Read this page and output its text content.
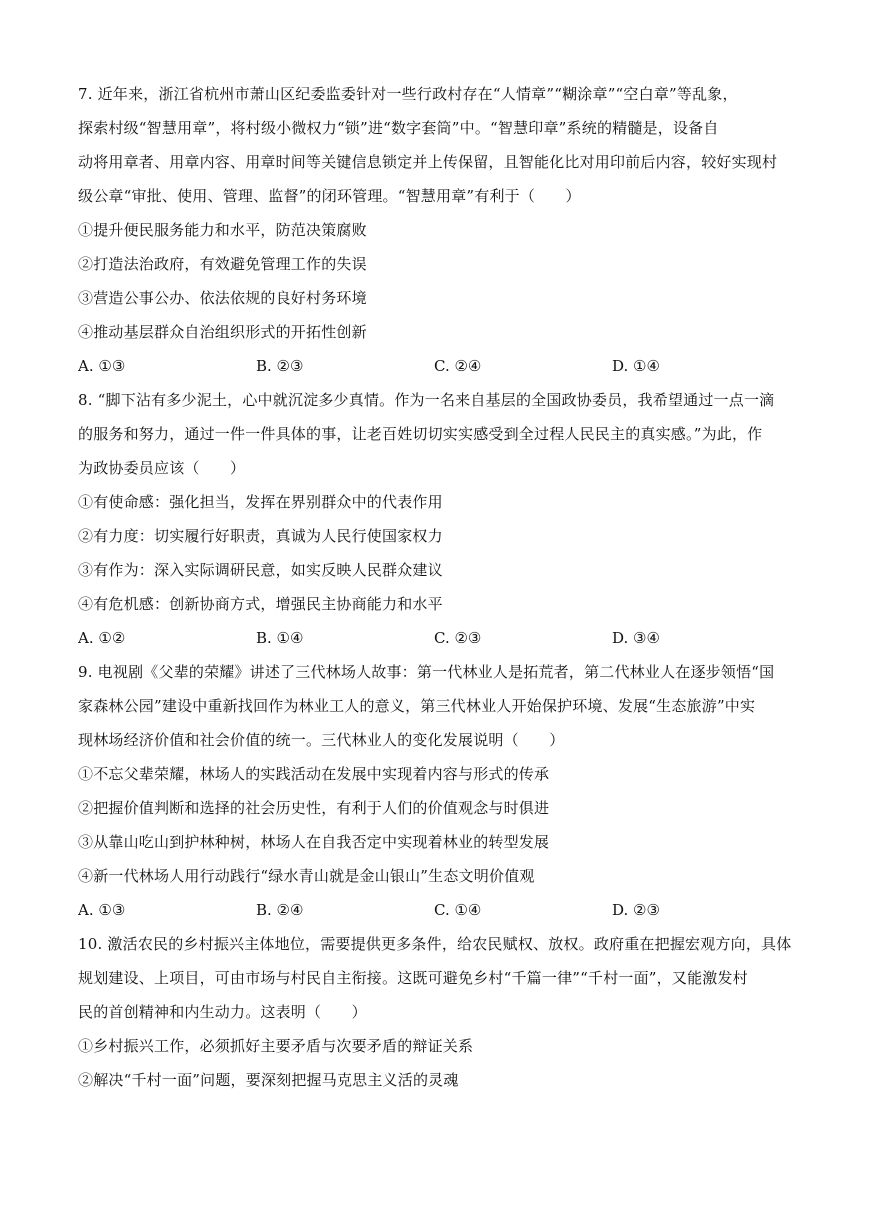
7. 近年来，浙江省杭州市萧山区纪委监委针对一些行政村存在“人情章”“糊涂章”“空白章”等乱象，
探索村级“智慧用章”，将村级小微权力“锁”进“数字套筒”中。“智慧印章”系统的精髓是，设备自
动将用章者、用章内容、用章时间等关键信息锁定并上传保留，且智能化比对用印前后内容，较好实现村
级公章“审批、使用、管理、监督”的闭环管理。“智慧用章”有利于（　　）
①提升便民服务能力和水平，防范决策腐败
②打造法治政府，有效避免管理工作的失误
③营造公事公办、依法依规的良好村务环境
④推动基层群众自治组织形式的开拓性创新
A. ①③	B. ②③	C. ②④	D. ①④
8. “脚下沾有多少泥土，心中就沉淀多少真情。作为一名来自基层的全国政协委员，我希望通过一点一滴
的服务和努力，通过一件一件具体的事，让老百姓切切实实感受到全过程人民民主的真实感。”为此，作
为政协委员应该（　　）
①有使命感：强化担当，发挥在界别群众中的代表作用
②有力度：切实履行好职责，真诚为人民行使国家权力
③有作为：深入实际调研民意，如实反映人民群众建议
④有危机感：创新协商方式，增强民主协商能力和水平
A. ①②	B. ①④	C. ②③	D. ③④
9. 电视剧《父辈的荣耀》讲述了三代林场人故事：第一代林业人是拓荒者，第二代林业人在逐步领悟“国
家森林公园”建设中重新找回作为林业工人的意义，第三代林业人开始保护环境、发展“生态旅游”中实
现林场经济价值和社会价值的统一。三代林业人的变化发展说明（　　）
①不忘父辈荣耀，林场人的实践活动在发展中实现着内容与形式的传承
②把握价值判断和选择的社会历史性，有利于人们的价值观念与时俱进
③从靠山吃山到护林种树，林场人在自我否定中实现着林业的转型发展
④新一代林场人用行动践行“绿水青山就是金山银山”生态文明价值观
A. ①③	B. ②④	C. ①④	D. ②③
10. 激活农民的乡村振兴主体地位，需要提供更多条件，给农民赋权、放权。政府重在把握宏观方向，具体
规划建设、上项目，可由市场与村民自主衔接。这既可避免乡村“千篇一律”“千村一面”，又能激发村
民的首创精神和内生动力。这表明（　　）
①乡村振兴工作，必须抓好主要矛盾与次要矛盾的辩证关系
②解决“千村一面”问题，要深刻把握马克思主义活的灵魂
